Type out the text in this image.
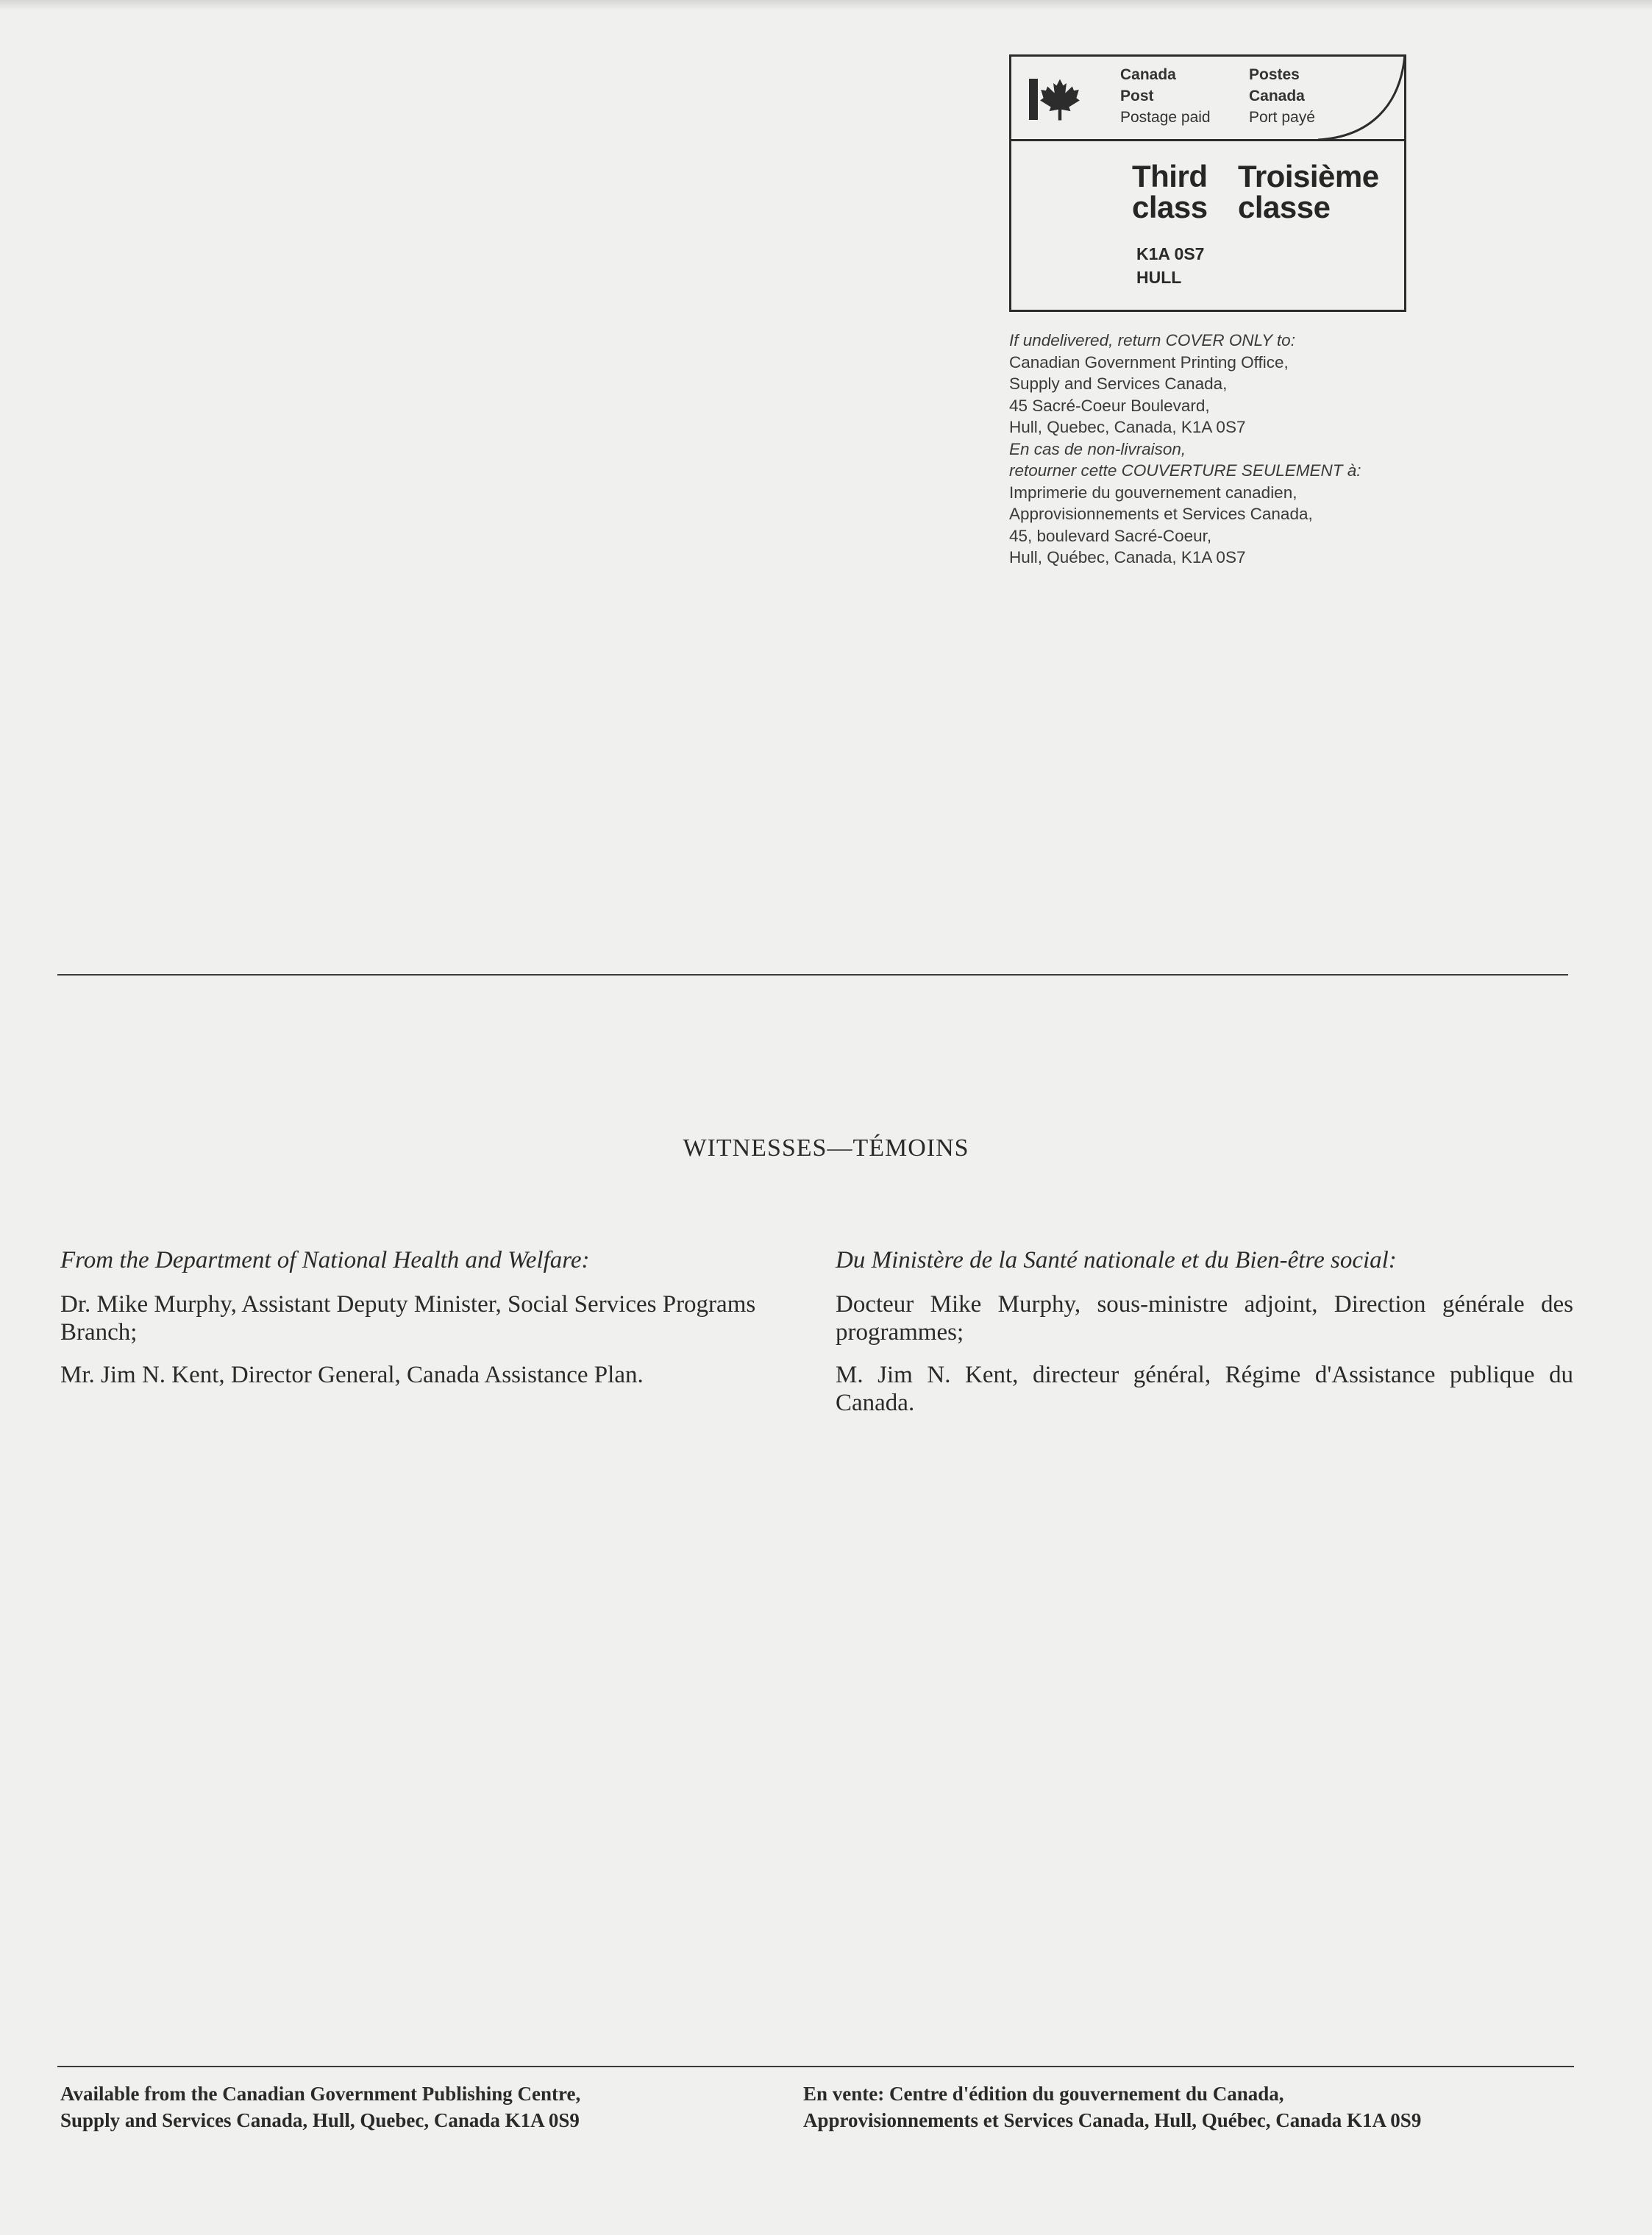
Canada
Post
Postage paid
Postes
Canada
Port payé
Third
class
Troisième
classe
K1A 0S7
HULL
If undelivered, return COVER ONLY to:
Canadian Government Printing Office,
Supply and Services Canada,
45 Sacré-Coeur Boulevard,
Hull, Quebec, Canada, K1A 0S7
En cas de non-livraison,
retourner cette COUVERTURE SEULEMENT à:
Imprimerie du gouvernement canadien,
Approvisionnements et Services Canada,
45, boulevard Sacré-Coeur,
Hull, Québec, Canada, K1A 0S7
WITNESSES—TÉMOINS

From the Department of National Health and Welfare:

Dr. Mike Murphy, Assistant Deputy Minister, Social Services Programs Branch;

Mr. Jim N. Kent, Director General, Canada Assistance Plan.

Du Ministère de la Santé nationale et du Bien-être social:

Docteur Mike Murphy, sous-ministre adjoint, Direction générale des programmes;

M. Jim N. Kent, directeur général, Régime d'Assistance publique du Canada.

Available from the Canadian Government Publishing Centre,
Supply and Services Canada, Hull, Quebec, Canada K1A 0S9
En vente: Centre d'édition du gouvernement du Canada,
Approvisionnements et Services Canada, Hull, Québec, Canada K1A 0S9
